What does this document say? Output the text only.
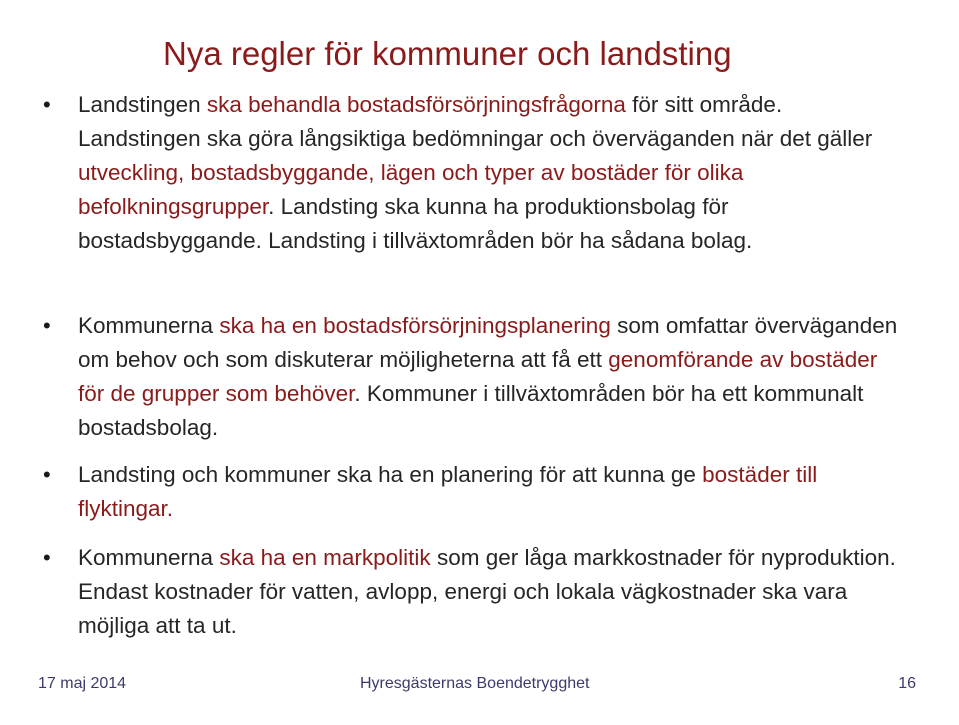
Nya regler för kommuner och landsting
• Landstingen ska behandla bostadsförsörjningsfrågorna för sitt område. Landstingen ska göra långsiktiga bedömningar och överväganden när det gäller utveckling, bostadsbyggande, lägen och typer av bostäder för olika befolkningsgrupper. Landsting ska kunna ha produktionsbolag för bostadsbyggande. Landsting i tillväxtområden bör ha sådana bolag.
• Kommunerna ska ha en bostadsförsörjningsplanering som omfattar överväganden om behov och som diskuterar möjligheterna att få ett genomförande av bostäder för de grupper som behöver. Kommuner i tillväxtområden bör ha ett kommunalt bostadsbolag.
• Landsting och kommuner ska ha en planering för att kunna ge bostäder till flyktingar.
• Kommunerna ska ha en markpolitik som ger låga markkostnader för nyproduktion. Endast kostnader för vatten, avlopp, energi och lokala vägkostnader ska vara möjliga att ta ut.
17 maj 2014	Hyresgästernas Boendetrygghet	16
